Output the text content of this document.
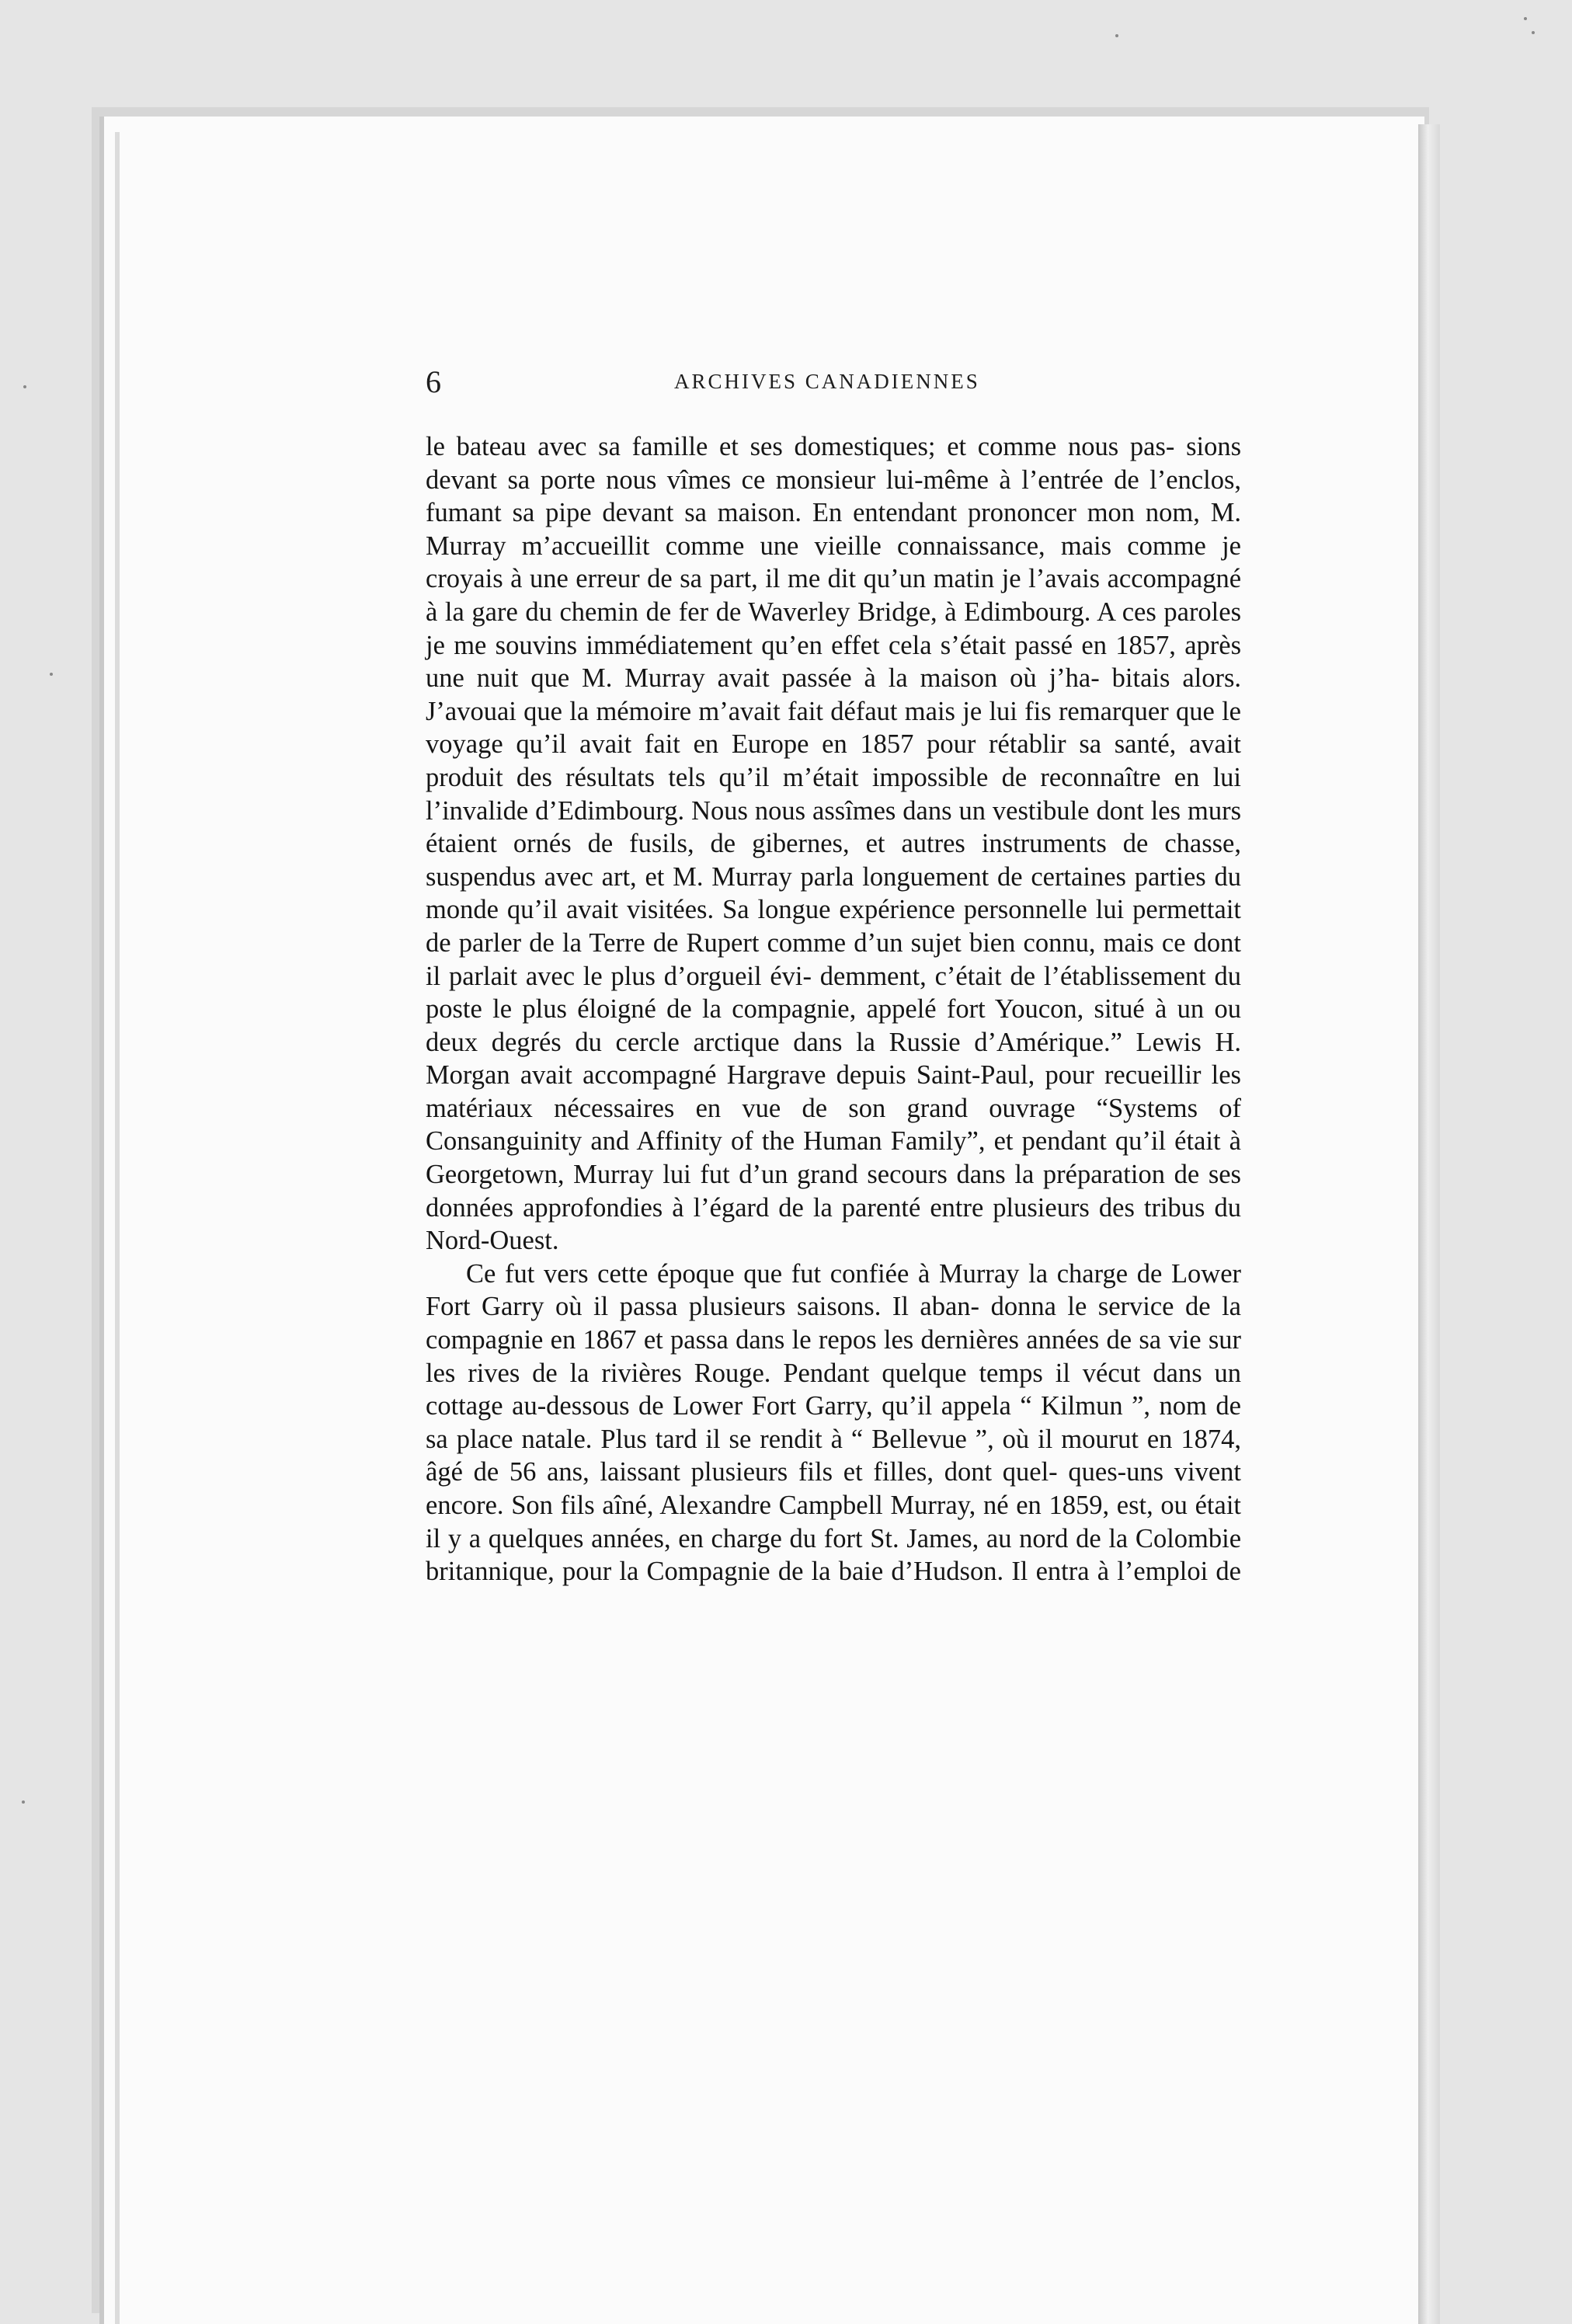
6	ARCHIVES CANADIENNES

le bateau avec sa famille et ses domestiques; et comme nous pas- sions devant sa porte nous vîmes ce monsieur lui-même à l’entrée de l’enclos, fumant sa pipe devant sa maison. En entendant prononcer mon nom, M. Murray m’accueillit comme une vieille connaissance, mais comme je croyais à une erreur de sa part, il me dit qu’un matin je l’avais accompagné à la gare du chemin de fer de Waverley Bridge, à Edimbourg. A ces paroles je me souvins immédiatement qu’en effet cela s’était passé en 1857, après une nuit que M. Murray avait passée à la maison où j’ha- bitais alors. J’avouai que la mémoire m’avait fait défaut mais je lui fis remarquer que le voyage qu’il avait fait en Europe en 1857 pour rétablir sa santé, avait produit des résultats tels qu’il m’était impossible de reconnaître en lui l’invalide d’Edimbourg. Nous nous assîmes dans un vestibule dont les murs étaient ornés de fusils, de gibernes, et autres instruments de chasse, suspendus avec art, et M. Murray parla longuement de certaines parties du monde qu’il avait visitées. Sa longue expérience personnelle lui permettait de parler de la Terre de Rupert comme d’un sujet bien connu, mais ce dont il parlait avec le plus d’orgueil évi- demment, c’était de l’établissement du poste le plus éloigné de la compagnie, appelé fort Youcon, situé à un ou deux degrés du cercle arctique dans la Russie d’Amérique.” Lewis H. Morgan avait accompagné Hargrave depuis Saint-Paul, pour recueillir les matériaux nécessaires en vue de son grand ouvrage “Systems of Consanguinity and Affinity of the Human Family”, et pendant qu’il était à Georgetown, Murray lui fut d’un grand secours dans la préparation de ses données approfondies à l’égard de la parenté entre plusieurs des tribus du Nord-Ouest.

Ce fut vers cette époque que fut confiée à Murray la charge de Lower Fort Garry où il passa plusieurs saisons. Il aban- donna le service de la compagnie en 1867 et passa dans le repos les dernières années de sa vie sur les rives de la rivières Rouge. Pendant quelque temps il vécut dans un cottage au-dessous de Lower Fort Garry, qu’il appela “ Kilmun ”, nom de sa place natale. Plus tard il se rendit à “ Bellevue ”, où il mourut en 1874, âgé de 56 ans, laissant plusieurs fils et filles, dont quel- ques-uns vivent encore. Son fils aîné, Alexandre Campbell Murray, né en 1859, est, ou était il y a quelques années, en charge du fort St. James, au nord de la Colombie britannique, pour la Compagnie de la baie d’Hudson. Il entra à l’emploi de
